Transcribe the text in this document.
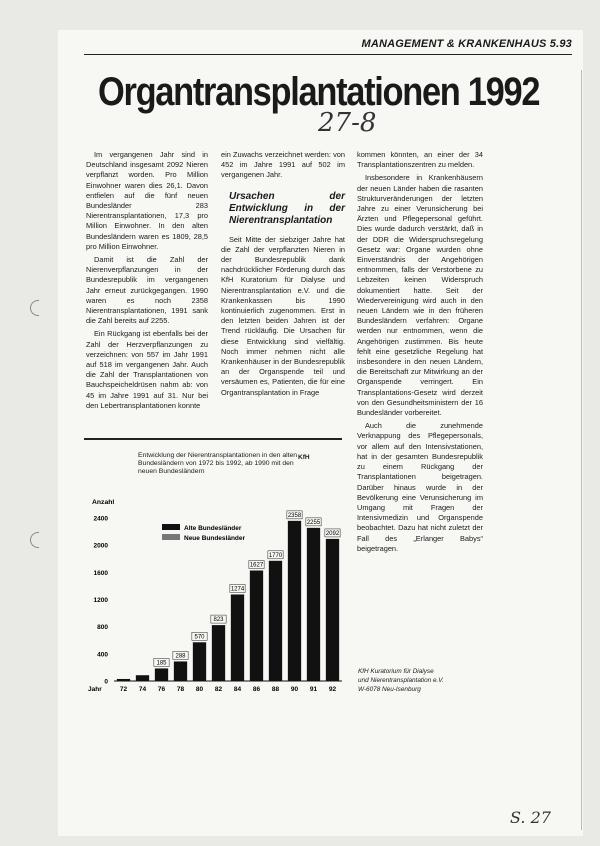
MANAGEMENT & KRANKENHAUS 5.93
Organtransplantationen 1992
27-8
S. 27

Im vergangenen Jahr sind in Deutschland insgesamt 2092 Nieren verpflanzt worden. Pro Million Einwohner waren dies 26,1. Davon entfielen auf die fünf neuen Bundesländer 283 Nierentransplantationen, 17,3 pro Million Einwohner. In den alten Bundesländern waren es 1809, 28,5 pro Million Einwohner.

Damit ist die Zahl der Nierenverpflanzungen in der Bundesrepublik im vergangenen Jahr erneut zurückgegangen. 1990 waren es noch 2358 Nierentransplantationen, 1991 sank die Zahl bereits auf 2255.

Ein Rückgang ist ebenfalls bei der Zahl der Herzverpflanzungen zu verzeichnen: von 557 im Jahr 1991 auf 518 im vergangenen Jahr. Auch die Zahl der Transplantationen von Bauchspeicheldrüsen nahm ab: von 45 im Jahre 1991 auf 31. Nur bei den Lebertransplantationen konnte

ein Zuwachs verzeichnet werden: von 452 im Jahre 1991 auf 502 im vergangenen Jahr.

Ursachen der Entwicklung in der Nierentransplantation

Seit Mitte der siebziger Jahre hat die Zahl der verpflanzten Nieren in der Bundesrepublik dank nachdrücklicher Förderung durch das KfH Kuratorium für Dialyse und Nierentransplantation e.V. und die Krankenkassen bis 1990 kontinuierlich zugenommen. Erst in den letzten beiden Jahren ist der Trend rückläufig. Die Ursachen für diese Entwicklung sind vielfältig. Noch immer nehmen nicht alle Krankenhäuser in der Bundesrepublik an der Organspende teil und versäumen es, Patienten, die für eine Organtransplantation in Frage

kommen könnten, an einer der 34 Transplantationszentren zu melden.

Insbesondere in Krankenhäusern der neuen Länder haben die rasanten Strukturveränderungen der letzten Jahre zu einer Verunsicherung bei Ärzten und Pflegepersonal geführt. Dies wurde dadurch verstärkt, daß in der DDR die Widerspruchsregelung Gesetz war: Organe wurden ohne Einverständnis der Angehörigen entnommen, falls der Verstorbene zu Lebzeiten keinen Widerspruch dokumentiert hatte. Seit der Wiedervereinigung wird auch in den neuen Ländern wie in den früheren Bundesländern verfahren: Organe werden nur entnommen, wenn die Angehörigen zustimmen. Bis heute fehlt eine gesetzliche Regelung hat insbesondere in den neuen Ländern, die Bereitschaft zur Mitwirkung an der Organspende verringert. Ein Transplantations-Gesetz wird derzeit von den Gesundheitsministern der 16 Bundesländer vorbereitet.

Auch die zunehmende Verknappung des Pflegepersonals, vor allem auf den Intensivstationen, hat in der gesamten Bundesrepublik zu einem Rückgang der Transplantationen beigetragen. Darüber hinaus wurde in der Bevölkerung eine Verunsicherung im Umgang mit Fragen der Intensivmedizin und Organspende beobachtet. Dazu hat nicht zuletzt der Fall des „Erlanger Babys“ beigetragen.

Entwicklung der Nierentransplantationen in den alten Bundesländern von 1972 bis 1992, ab 1990 mit den neuen Bundesländern
KfH
Anzahl
0
400
800
1200
1600
2000
2400
72 74
185
76
288
78
570
80
823
82
1274
84
1627
86
1770
88
2358
90
2255
91
2092
92
Jahr
Alte Bundesländer
Neue Bundesländer
KfH Kuratorium für Dialyse
und Nierentransplantation e.V.
W-6078 Neu-Isenburg
